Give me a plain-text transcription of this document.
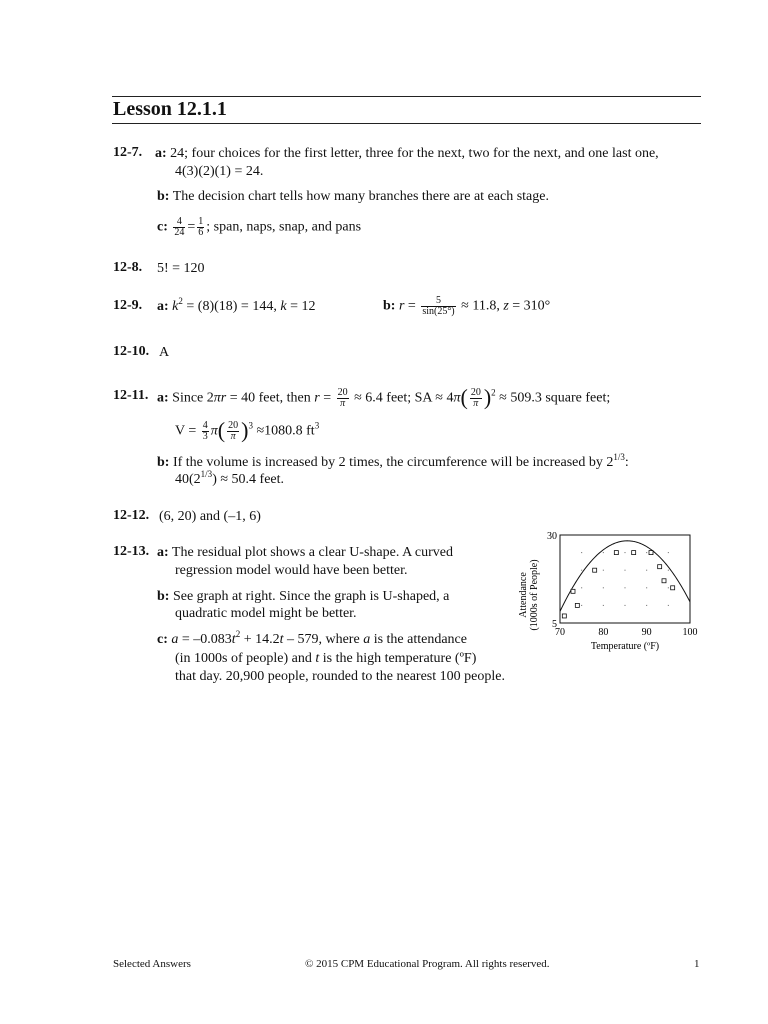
Lesson 12.1.1
12-7. a: 24; four choices for the first letter, three for the next, two for the next, and one last one,
4(3)(2)(1) = 24.
b: The decision chart tells how many branches there are at each stage.
c: $\frac{4}{24} = \frac{1}{6}$ ; span, naps, snap, and pans
12-8. 5! = 120
12-9. a: $k^2 = (8)(18) = 144$, k = 12	b: $r = \frac{5}{\sin(25^\circ)} \approx 11.8$, z = 310°
12-10. A
12-11. a: Since 2πr = 40 feet, then $r = \frac{20}{\pi} \approx 6.4$ feet; SA ≈ $4\pi( \frac{20}{\pi} )^2 \approx 509.3$ square feet;
$V = \frac{4}{3} \pi( \frac{20}{\pi} )^3 \approx 1080.8$ $ft^3$
b: If the volume is increased by 2 times, the circumference will be increased by $2^{1/3}$:
$40(2^{1/3}) \approx 50.4$ feet.
12-12. (6, 20) and (–1, 6)
12-13. a: The residual plot shows a clear U-shape. A curved
regression model would have been better.
b: See graph at right. Since the graph is U-shaped, a
quadratic model might be better.
c: $a = -0.083t^2 + 14.2t - 579$, where a is the attendance
(in 1000s of people) and t is the high temperature (ºF)
that day. 20,900 people, rounded to the nearest 100 people.
Attendance (1000s of People)
70	80	90	100
5
30
Temperature (ºF)
Selected Answers	© 2015 CPM Educational Program. All rights reserved.	1
